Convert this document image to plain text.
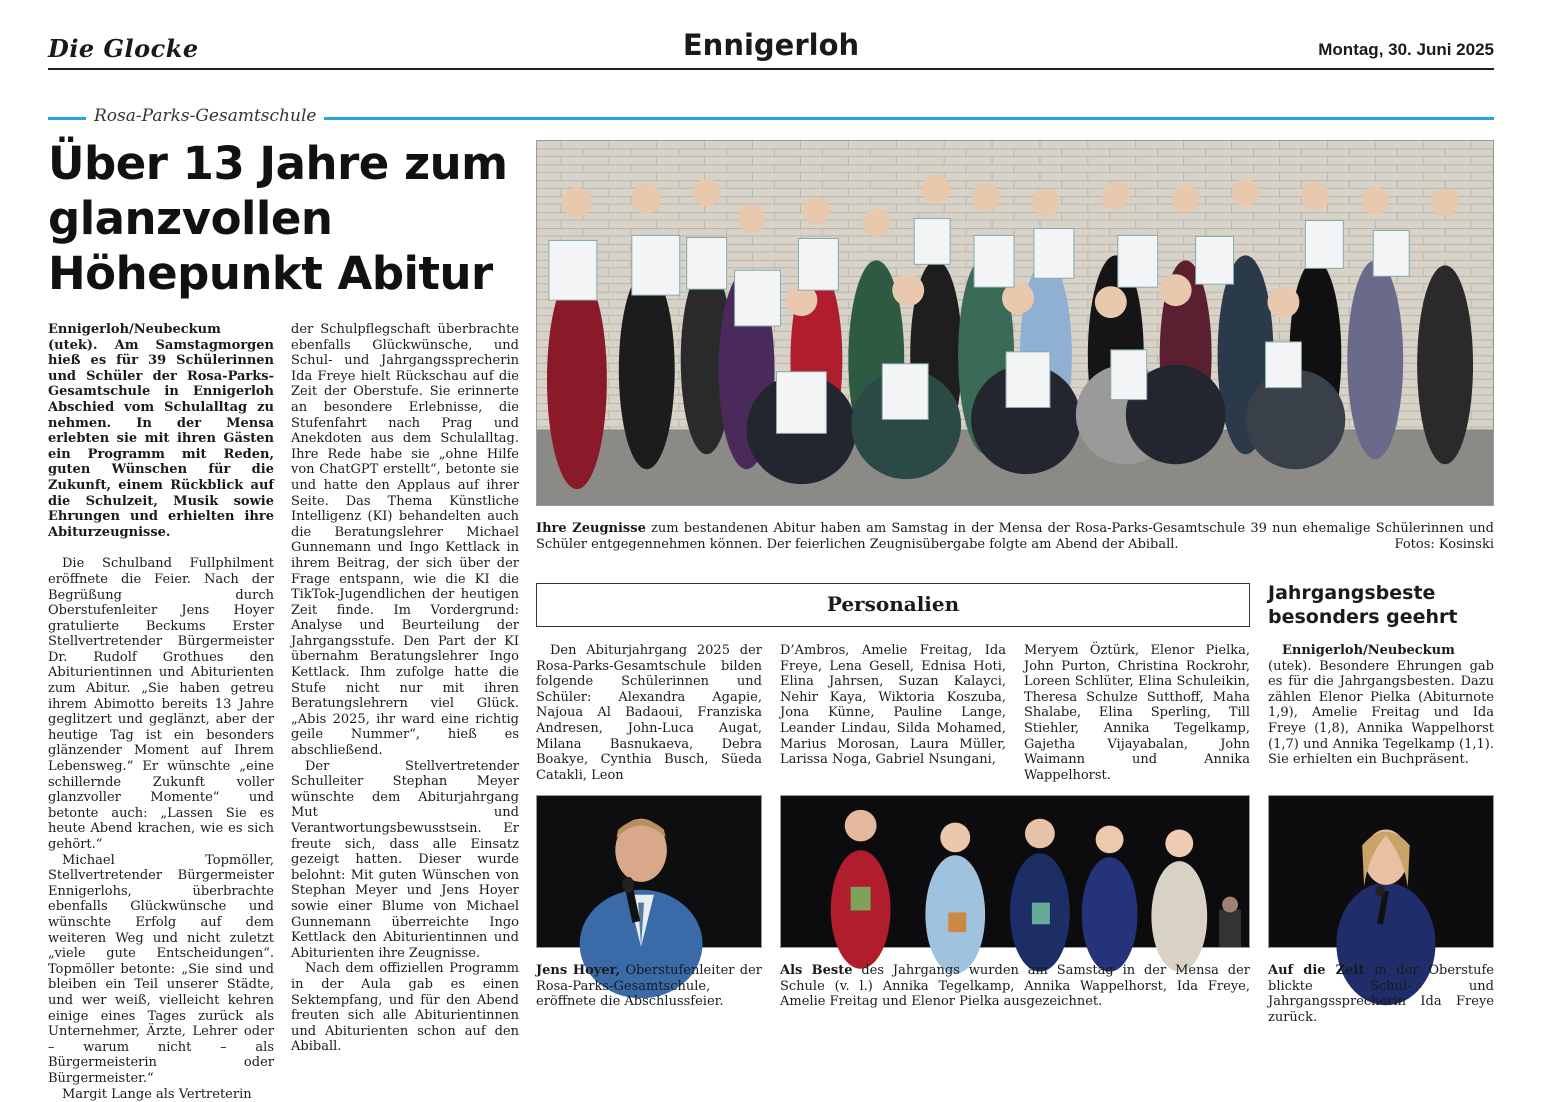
Die Glocke	Ennigerloh	Montag, 30. Juni 2025
Rosa-Parks-Gesamtschule
Über 13 Jahre zum glanzvollen Höhepunkt Abitur
Ennigerloh/Neubeckum (utek). Am Samstagmorgen hieß es für 39 Schülerinnen und Schüler der Rosa-Parks-Gesamtschule in Ennigerloh Abschied vom Schulalltag zu nehmen. In der Mensa erlebten sie mit ihren Gästen ein Programm mit Reden, guten Wünschen für die Zukunft, einem Rückblick auf die Schulzeit, Musik sowie Ehrungen und erhielten ihre Abiturzeugnisse.

Die Schulband Fullphilment eröffnete die Feier. Nach der Begrüßung durch Oberstufenleiter Jens Hoyer gratulierte Beckums Erster Stellvertretender Bürgermeister Dr. Rudolf Grothues den Abiturientinnen und Abiturienten zum Abitur. „Sie haben getreu ihrem Abimotto bereits 13 Jahre geglitzert und geglänzt, aber der heutige Tag ist ein besonders glänzender Moment auf Ihrem Lebensweg.“ Er wünschte „eine schillernde Zukunft voller glanzvoller Momente“ und betonte auch: „Lassen Sie es heute Abend krachen, wie es sich gehört.“

Michael Topmöller, Stellvertretender Bürgermeister Ennigerlohs, überbrachte ebenfalls Glückwünsche und wünschte Erfolg auf dem weiteren Weg und nicht zuletzt „viele gute Entscheidungen“. Topmöller betonte: „Sie sind und bleiben ein Teil unserer Städte, und wer weiß, vielleicht kehren einige eines Tages zurück als Unternehmer, Ärzte, Lehrer oder – warum nicht – als Bürgermeisterin oder Bürgermeister.“

Margit Lange als Vertreterin

der Schulpflegschaft überbrachte ebenfalls Glückwünsche, und Schul- und Jahrgangssprecherin Ida Freye hielt Rückschau auf die Zeit der Oberstufe. Sie erinnerte an besondere Erlebnisse, die Stufenfahrt nach Prag und Anekdoten aus dem Schulalltag. Ihre Rede habe sie „ohne Hilfe von ChatGPT erstellt“, betonte sie und hatte den Applaus auf ihrer Seite. Das Thema Künstliche Intelligenz (KI) behandelten auch die Beratungslehrer Michael Gunnemann und Ingo Kettlack in ihrem Beitrag, der sich über der Frage entspann, wie die KI die TikTok-Jugendlichen der heutigen Zeit finde. Im Vordergrund: Analyse und Beurteilung der Jahrgangsstufe. Den Part der KI übernahm Beratungslehrer Ingo Kettlack. Ihm zufolge hatte die Stufe nicht nur mit ihren Beratungslehrern viel Glück. „Abis 2025, ihr ward eine richtig geile Nummer“, hieß es abschließend.

Der Stellvertretender Schulleiter Stephan Meyer wünschte dem Abiturjahrgang Mut und Verantwortungsbewusstsein. Er freute sich, dass alle Einsatz gezeigt hatten. Dieser wurde belohnt: Mit guten Wünschen von Stephan Meyer und Jens Hoyer sowie einer Blume von Michael Gunnemann überreichte Ingo Kettlack den Abiturientinnen und Abiturienten ihre Zeugnisse.

Nach dem offiziellen Programm in der Aula gab es einen Sektempfang, und für den Abend freuten sich alle Abiturientinnen und Abiturienten schon auf den Abiball.

Ihre Zeugnisse zum bestandenen Abitur haben am Samstag in der Mensa der Rosa-Parks-Gesamtschule 39 nun ehemalige Schülerinnen und Schüler entgegennehmen können. Der feierlichen Zeugnisübergabe folgte am Abend der Abiball.	Fotos: Kosinski
Personalien

Den Abiturjahrgang 2025 der Rosa-Parks-Gesamtschule bilden folgende Schülerinnen und Schüler: Alexandra Agapie, Najoua Al Badaoui, Franziska Andresen, John-Luca Augat, Milana Basnukaeva, Debra Boakye, Cynthia Busch, Süeda Catakli, Leon

D’Ambros, Amelie Freitag, Ida Freye, Lena Gesell, Ednisa Hoti, Elina Jahrsen, Suzan Kalayci, Nehir Kaya, Wiktoria Koszuba, Jona Künne, Pauline Lange, Leander Lindau, Silda Mohamed, Marius Morosan, Laura Müller, Larissa Noga, Gabriel Nsungani,

Meryem Öztürk, Elenor Pielka, John Purton, Christina Rockrohr, Loreen Schlüter, Elina Schuleikin, Theresa Schulze Sutthoff, Maha Shalabe, Elina Sperling, Till Stiehler, Annika Tegelkamp, Gajetha Vijayabalan, John Waimann und Annika Wappelhorst.

Jahrgangsbeste besonders geehrt

Ennigerloh/Neubeckum (utek). Besondere Ehrungen gab es für die Jahrgangsbesten. Dazu zählen Elenor Pielka (Abiturnote 1,9), Amelie Freitag und Ida Freye (1,8), Annika Wappelhorst (1,7) und Annika Tegelkamp (1,1). Sie erhielten ein Buchpräsent.

Jens Hoyer, Oberstufenleiter der Rosa-Parks-Gesamtschule, eröffnete die Abschlussfeier.
Als Beste des Jahrgangs wurden am Samstag in der Mensa der Schule (v. l.) Annika Tegelkamp, Annika Wappelhorst, Ida Freye, Amelie Freitag und Elenor Pielka ausgezeichnet.
Auf die Zeit in der Oberstufe blickte Schul- und Jahrgangssprecherin Ida Freye zurück.
